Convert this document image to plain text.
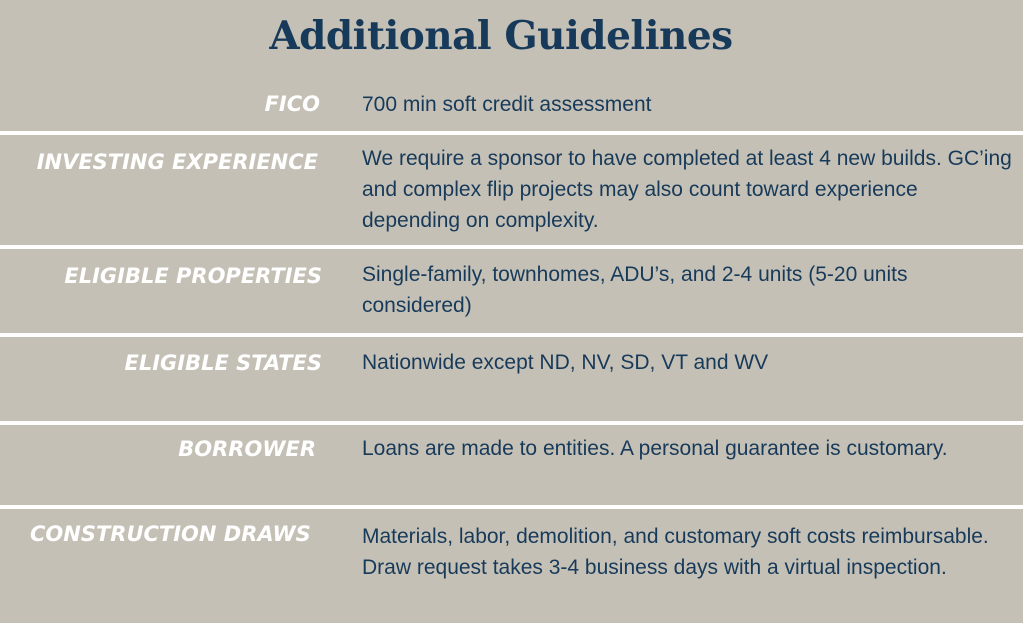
Additional Guidelines
FICO 700 min soft credit assessment
INVESTING EXPERIENCE We require a sponsor to have completed at least 4 new builds. GC’ing and complex flip projects may also count toward experience depending on complexity.
ELIGIBLE PROPERTIES Single-family, townhomes, ADU’s, and 2-4 units (5-20 units considered)
ELIGIBLE STATES Nationwide except ND, NV, SD, VT and WV
BORROWER Loans are made to entities. A personal guarantee is customary.
CONSTRUCTION DRAWS Materials, labor, demolition, and customary soft costs reimbursable. Draw request takes 3-4 business days with a virtual inspection.
